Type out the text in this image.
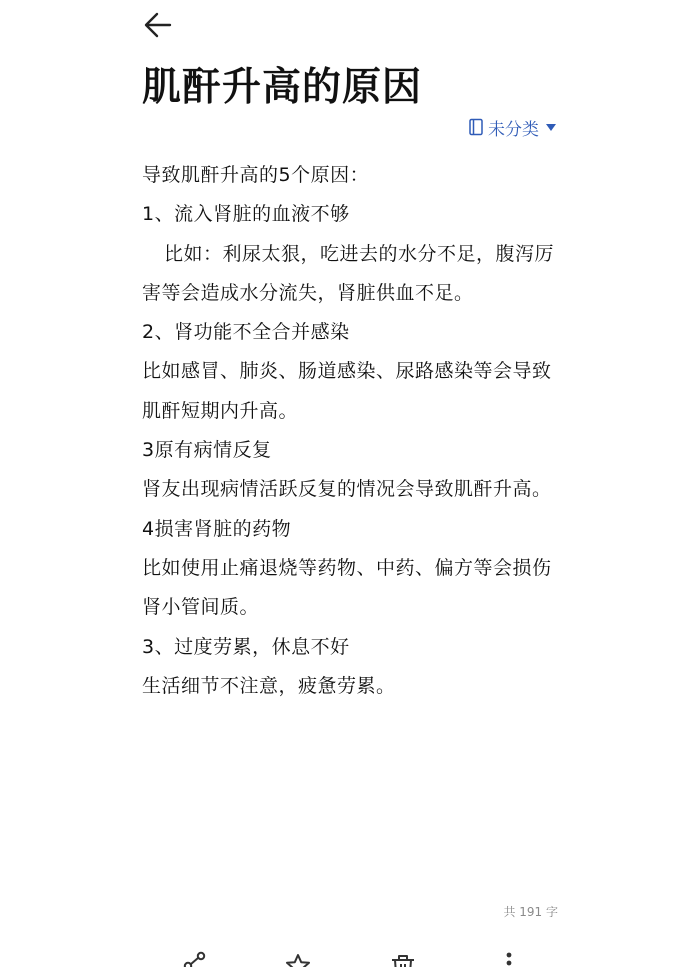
肌酐升高的原因
未分类

导致肌酐升高的5个原因：

1、流入肾脏的血液不够

比如：利尿太狠，吃进去的水分不足，腹泻厉害等会造成水分流失，肾脏供血不足。

2、肾功能不全合并感染

比如感冒、肺炎、肠道感染、尿路感染等会导致肌酐短期内升高。

3原有病情反复

肾友出现病情活跃反复的情况会导致肌酐升高。

4损害肾脏的药物

比如使用止痛退烧等药物、中药、偏方等会损伤肾小管间质。

3、过度劳累，休息不好

生活细节不注意，疲惫劳累。

共 191 字
